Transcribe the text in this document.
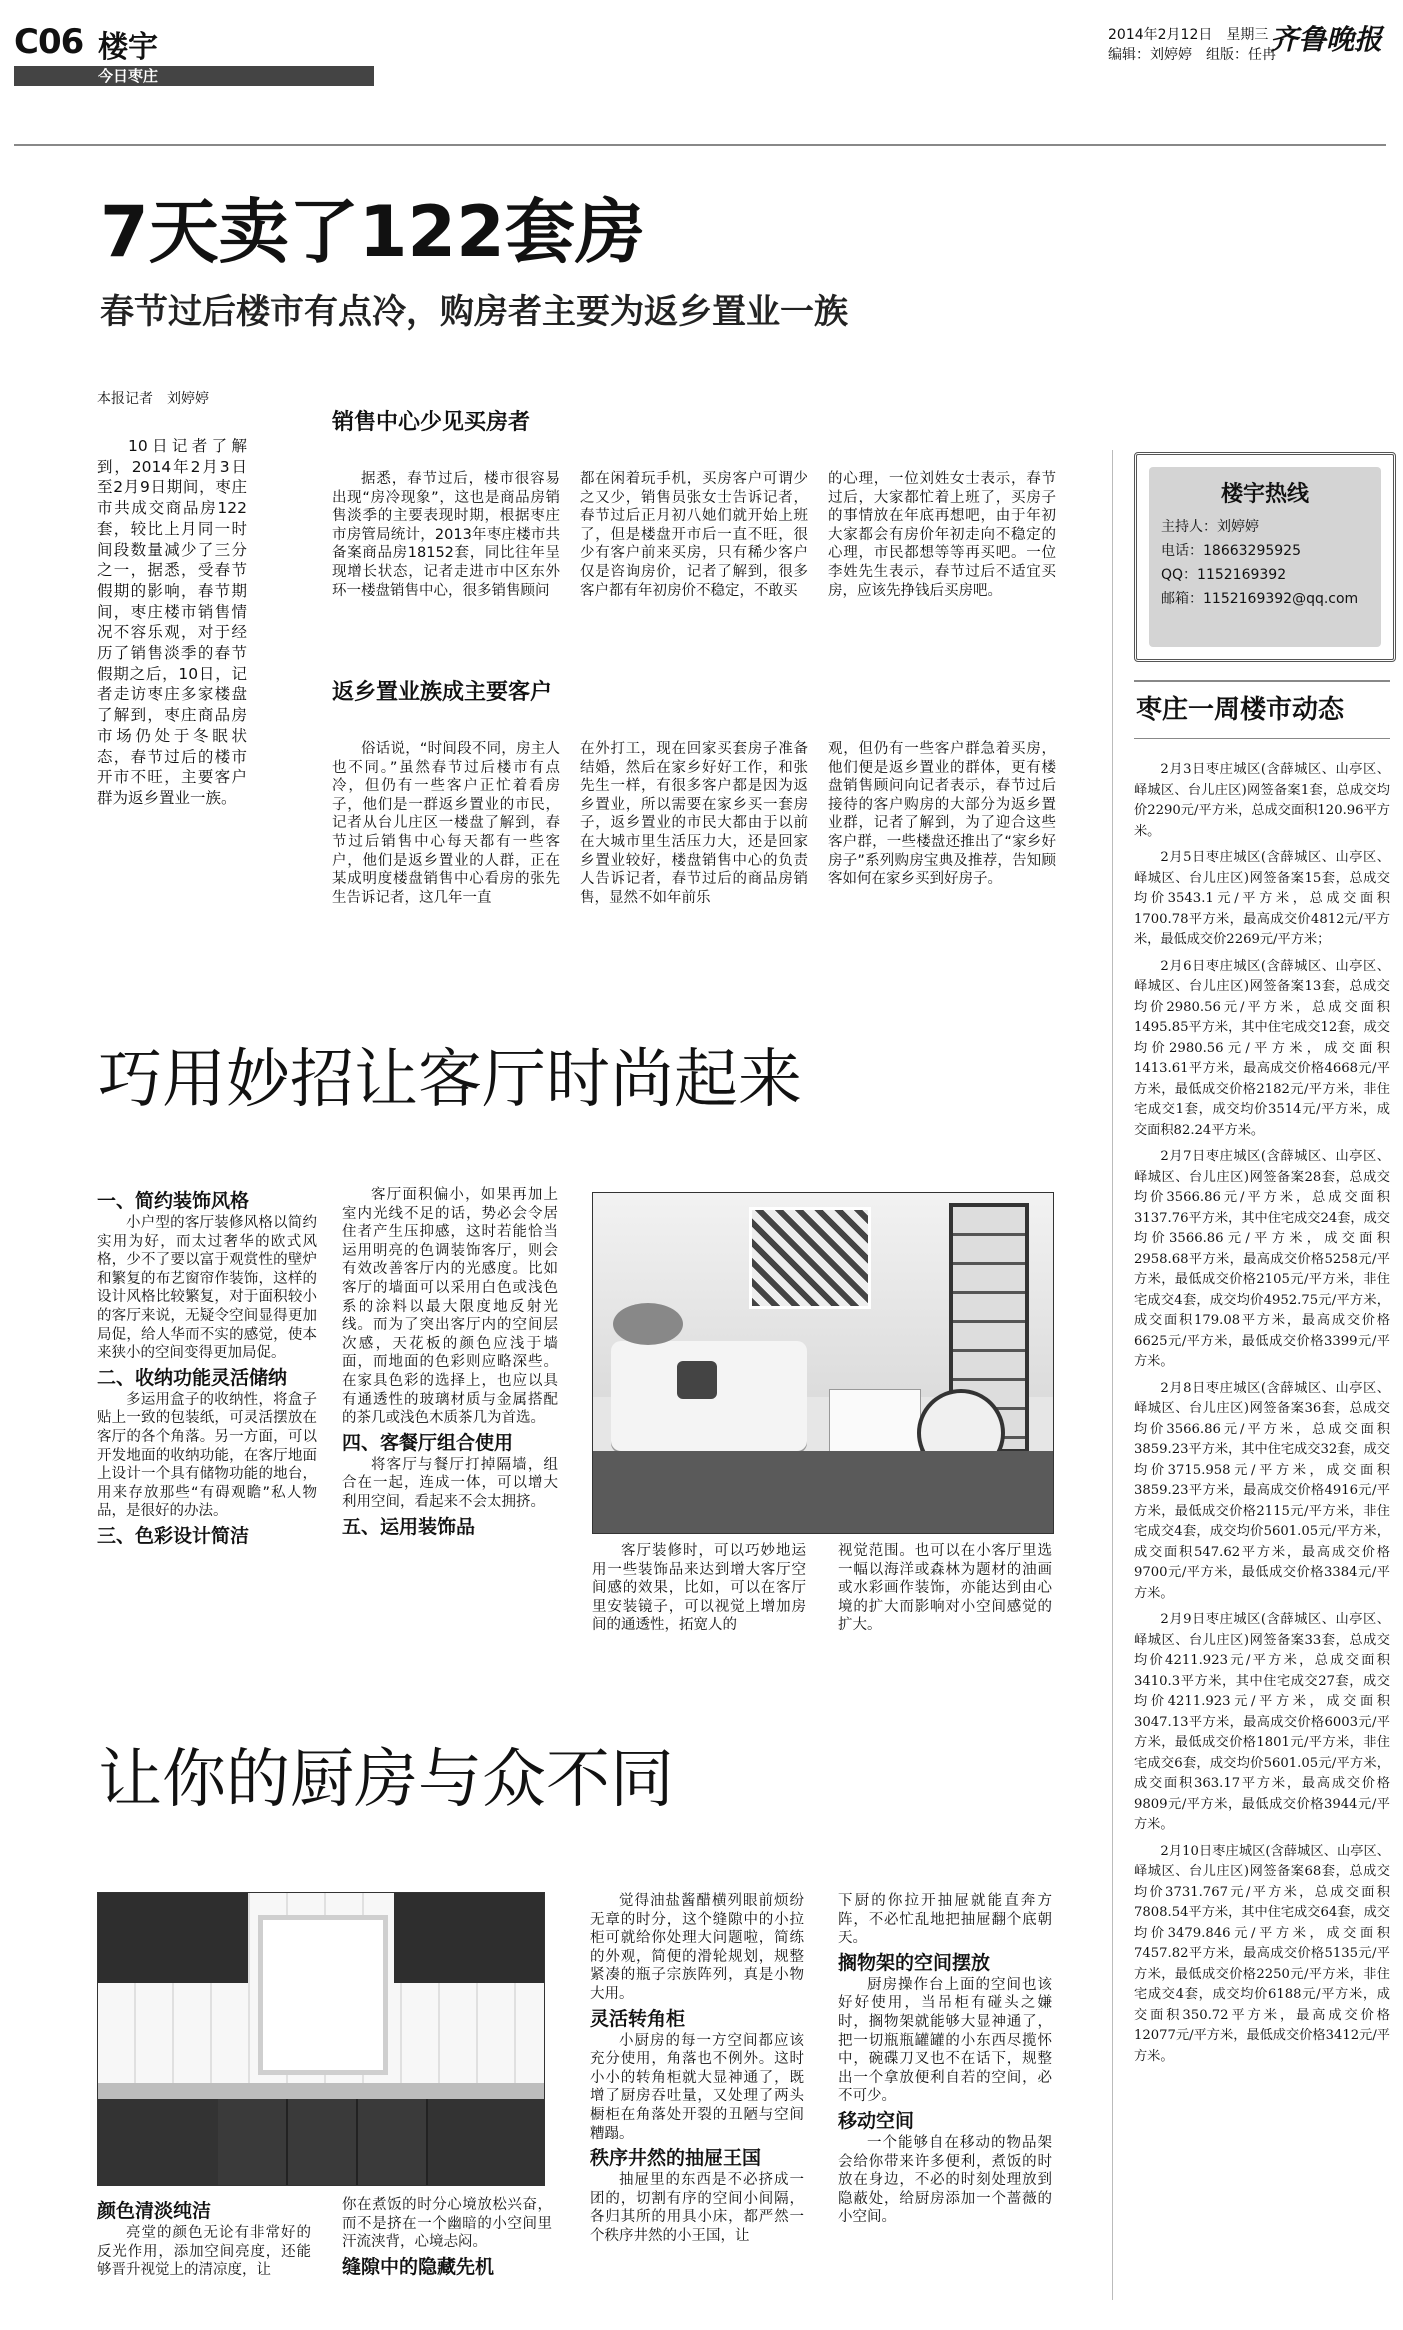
C06 楼宇
今日枣庄
2014年2月12日　星期三
编辑：刘婷婷　组版：任冉
齐鲁晚报
7天卖了122套房
春节过后楼市有点冷，购房者主要为返乡置业一族
本报记者　刘婷婷

10日记者了解到，2014年2月3日至2月9日期间，枣庄市共成交商品房122套，较比上月同一时间段数量减少了三分之一，据悉，受春节假期的影响，春节期间，枣庄楼市销售情况不容乐观，对于经历了销售淡季的春节假期之后，10日，记者走访枣庄多家楼盘了解到，枣庄商品房市场仍处于冬眠状态，春节过后的楼市开市不旺，主要客户群为返乡置业一族。

销售中心少见买房者

据悉，春节过后，楼市很容易出现“房冷现象”，这也是商品房销售淡季的主要表现时期，根据枣庄市房管局统计，2013年枣庄楼市共备案商品房18152套，同比往年呈现增长状态，记者走进市中区东外环一楼盘销售中心，很多销售顾问

都在闲着玩手机，买房客户可谓少之又少，销售员张女士告诉记者，春节过后正月初八她们就开始上班了，但是楼盘开市后一直不旺，很少有客户前来买房，只有稀少客户仅是咨询房价，记者了解到，很多客户都有年初房价不稳定，不敢买

的心理，一位刘姓女士表示，春节过后，大家都忙着上班了，买房子的事情放在年底再想吧，由于年初大家都会有房价年初走向不稳定的心理，市民都想等等再买吧。一位李姓先生表示，春节过后不适宜买房，应该先挣钱后买房吧。

返乡置业族成主要客户

俗话说，“时间段不同，房主人也不同。”虽然春节过后楼市有点冷，但仍有一些客户正忙着看房子，他们是一群返乡置业的市民，记者从台儿庄区一楼盘了解到，春节过后销售中心每天都有一些客户，他们是返乡置业的人群，正在某成明度楼盘销售中心看房的张先生告诉记者，这几年一直

在外打工，现在回家买套房子准备结婚，然后在家乡好好工作，和张先生一样，有很多客户都是因为返乡置业，所以需要在家乡买一套房子，返乡置业的市民大都由于以前在大城市里生活压力大，还是回家乡置业较好，楼盘销售中心的负责人告诉记者，春节过后的商品房销售，显然不如年前乐

观，但仍有一些客户群急着买房，他们便是返乡置业的群体，更有楼盘销售顾问向记者表示，春节过后接待的客户购房的大部分为返乡置业群，记者了解到，为了迎合这些客户群，一些楼盘还推出了“家乡好房子”系列购房宝典及推荐，告知顾客如何在家乡买到好房子。

楼宇热线
主持人：刘婷婷
电话：18663295925
QQ：1152169392
邮箱：1152169392@qq.com
枣庄一周楼市动态

2月3日枣庄城区(含薛城区、山亭区、峄城区、台儿庄区)网签备案1套，总成交均价2290元/平方米，总成交面积120.96平方米。

2月5日枣庄城区(含薛城区、山亭区、峄城区、台儿庄区)网签备案15套，总成交均价3543.1元/平方米，总成交面积1700.78平方米，最高成交价4812元/平方米，最低成交价2269元/平方米；

2月6日枣庄城区(含薛城区、山亭区、峄城区、台儿庄区)网签备案13套，总成交均价2980.56元/平方米，总成交面积1495.85平方米，其中住宅成交12套，成交均价2980.56元/平方米，成交面积1413.61平方米，最高成交价格4668元/平方米，最低成交价格2182元/平方米，非住宅成交1套，成交均价3514元/平方米，成交面积82.24平方米。

2月7日枣庄城区(含薛城区、山亭区、峄城区、台儿庄区)网签备案28套，总成交均价3566.86元/平方米，总成交面积3137.76平方米，其中住宅成交24套，成交均价3566.86元/平方米，成交面积2958.68平方米，最高成交价格5258元/平方米，最低成交价格2105元/平方米，非住宅成交4套，成交均价4952.75元/平方米，成交面积179.08平方米，最高成交价格6625元/平方米，最低成交价格3399元/平方米。

2月8日枣庄城区(含薛城区、山亭区、峄城区、台儿庄区)网签备案36套，总成交均价3566.86元/平方米，总成交面积3859.23平方米，其中住宅成交32套，成交均价3715.958元/平方米，成交面积3859.23平方米，最高成交价格4916元/平方米，最低成交价格2115元/平方米，非住宅成交4套，成交均价5601.05元/平方米，成交面积547.62平方米，最高成交价格9700元/平方米，最低成交价格3384元/平方米。

2月9日枣庄城区(含薛城区、山亭区、峄城区、台儿庄区)网签备案33套，总成交均价4211.923元/平方米，总成交面积3410.3平方米，其中住宅成交27套，成交均价4211.923元/平方米，成交面积3047.13平方米，最高成交价格6003元/平方米，最低成交价格1801元/平方米，非住宅成交6套，成交均价5601.05元/平方米，成交面积363.17平方米，最高成交价格9809元/平方米，最低成交价格3944元/平方米。

2月10日枣庄城区(含薛城区、山亭区、峄城区、台儿庄区)网签备案68套，总成交均价3731.767元/平方米，总成交面积7808.54平方米，其中住宅成交64套，成交均价3479.846元/平方米，成交面积7457.82平方米，最高成交价格5135元/平方米，最低成交价格2250元/平方米，非住宅成交4套，成交均价6188元/平方米，成交面积350.72平方米，最高成交价格12077元/平方米，最低成交价格3412元/平方米。

巧用妙招让客厅时尚起来

一、简约装饰风格

小户型的客厅装修风格以简约实用为好，而太过奢华的欧式风格，少不了要以富于观赏性的壁炉和繁复的布艺窗帘作装饰，这样的设计风格比较繁复，对于面积较小的客厅来说，无疑令空间显得更加局促，给人华而不实的感觉，使本来狭小的空间变得更加局促。

二、收纳功能灵活储纳

多运用盒子的收纳性，将盒子贴上一致的包装纸，可灵活摆放在客厅的各个角落。另一方面，可以开发地面的收纳功能，在客厅地面上设计一个具有储物功能的地台，用来存放那些“有碍观瞻”私人物品，是很好的办法。

三、色彩设计简洁

客厅面积偏小，如果再加上室内光线不足的话，势必会令居住者产生压抑感，这时若能恰当运用明亮的色调装饰客厅，则会有效改善客厅内的光感度。比如客厅的墙面可以采用白色或浅色系的涂料以最大限度地反射光线。而为了突出客厅内的空间层次感，天花板的颜色应浅于墙面，而地面的色彩则应略深些。在家具色彩的选择上，也应以具有通透性的玻璃材质与金属搭配的茶几或浅色木质茶几为首选。

四、客餐厅组合使用

将客厅与餐厅打掉隔墙，组合在一起，连成一体，可以增大利用空间，看起来不会太拥挤。

五、运用装饰品

客厅装修时，可以巧妙地运用一些装饰品来达到增大客厅空间感的效果，比如，可以在客厅里安装镜子，可以视觉上增加房间的通透性，拓宽人的

视觉范围。也可以在小客厅里选一幅以海洋或森林为题材的油画或水彩画作装饰，亦能达到由心境的扩大而影响对小空间感觉的扩大。

让你的厨房与众不同

颜色清淡纯洁

亮堂的颜色无论有非常好的反光作用，添加空间亮度，还能够晋升视觉上的清凉度，让

你在煮饭的时分心境放松兴奋，而不是挤在一个幽暗的小空间里汗流浃背，心境忐闷。

缝隙中的隐藏先机

觉得油盐酱醋横列眼前烦纷无章的时分，这个缝隙中的小拉柜可就给你处理大问题啦，简练的外观，简便的滑轮规划，规整紧凑的瓶子宗族阵列，真是小物大用。

灵活转角柜

小厨房的每一方空间都应该充分使用，角落也不例外。这时小小的转角柜就大显神通了，既增了厨房吞吐量，又处理了两头橱柜在角落处开裂的丑陋与空间糟蹋。

秩序井然的抽屉王国

抽屉里的东西是不必挤成一团的，切割有序的空间小间隔，各归其所的用具小床，都严然一个秩序井然的小王国，让

下厨的你拉开抽屉就能直奔方阵，不必忙乱地把抽屉翻个底朝天。

搁物架的空间摆放

厨房操作台上面的空间也该好好使用，当吊柜有碰头之嫌时，搁物架就能够大显神通了，把一切瓶瓶罐罐的小东西尽揽怀中，碗碟刀叉也不在话下，规整出一个拿放便利自若的空间，必不可少。

移动空间

一个能够自在移动的物品架会给你带来许多便利，煮饭的时放在身边，不必的时刻处理放到隐蔽处，给厨房添加一个蔷薇的小空间。
